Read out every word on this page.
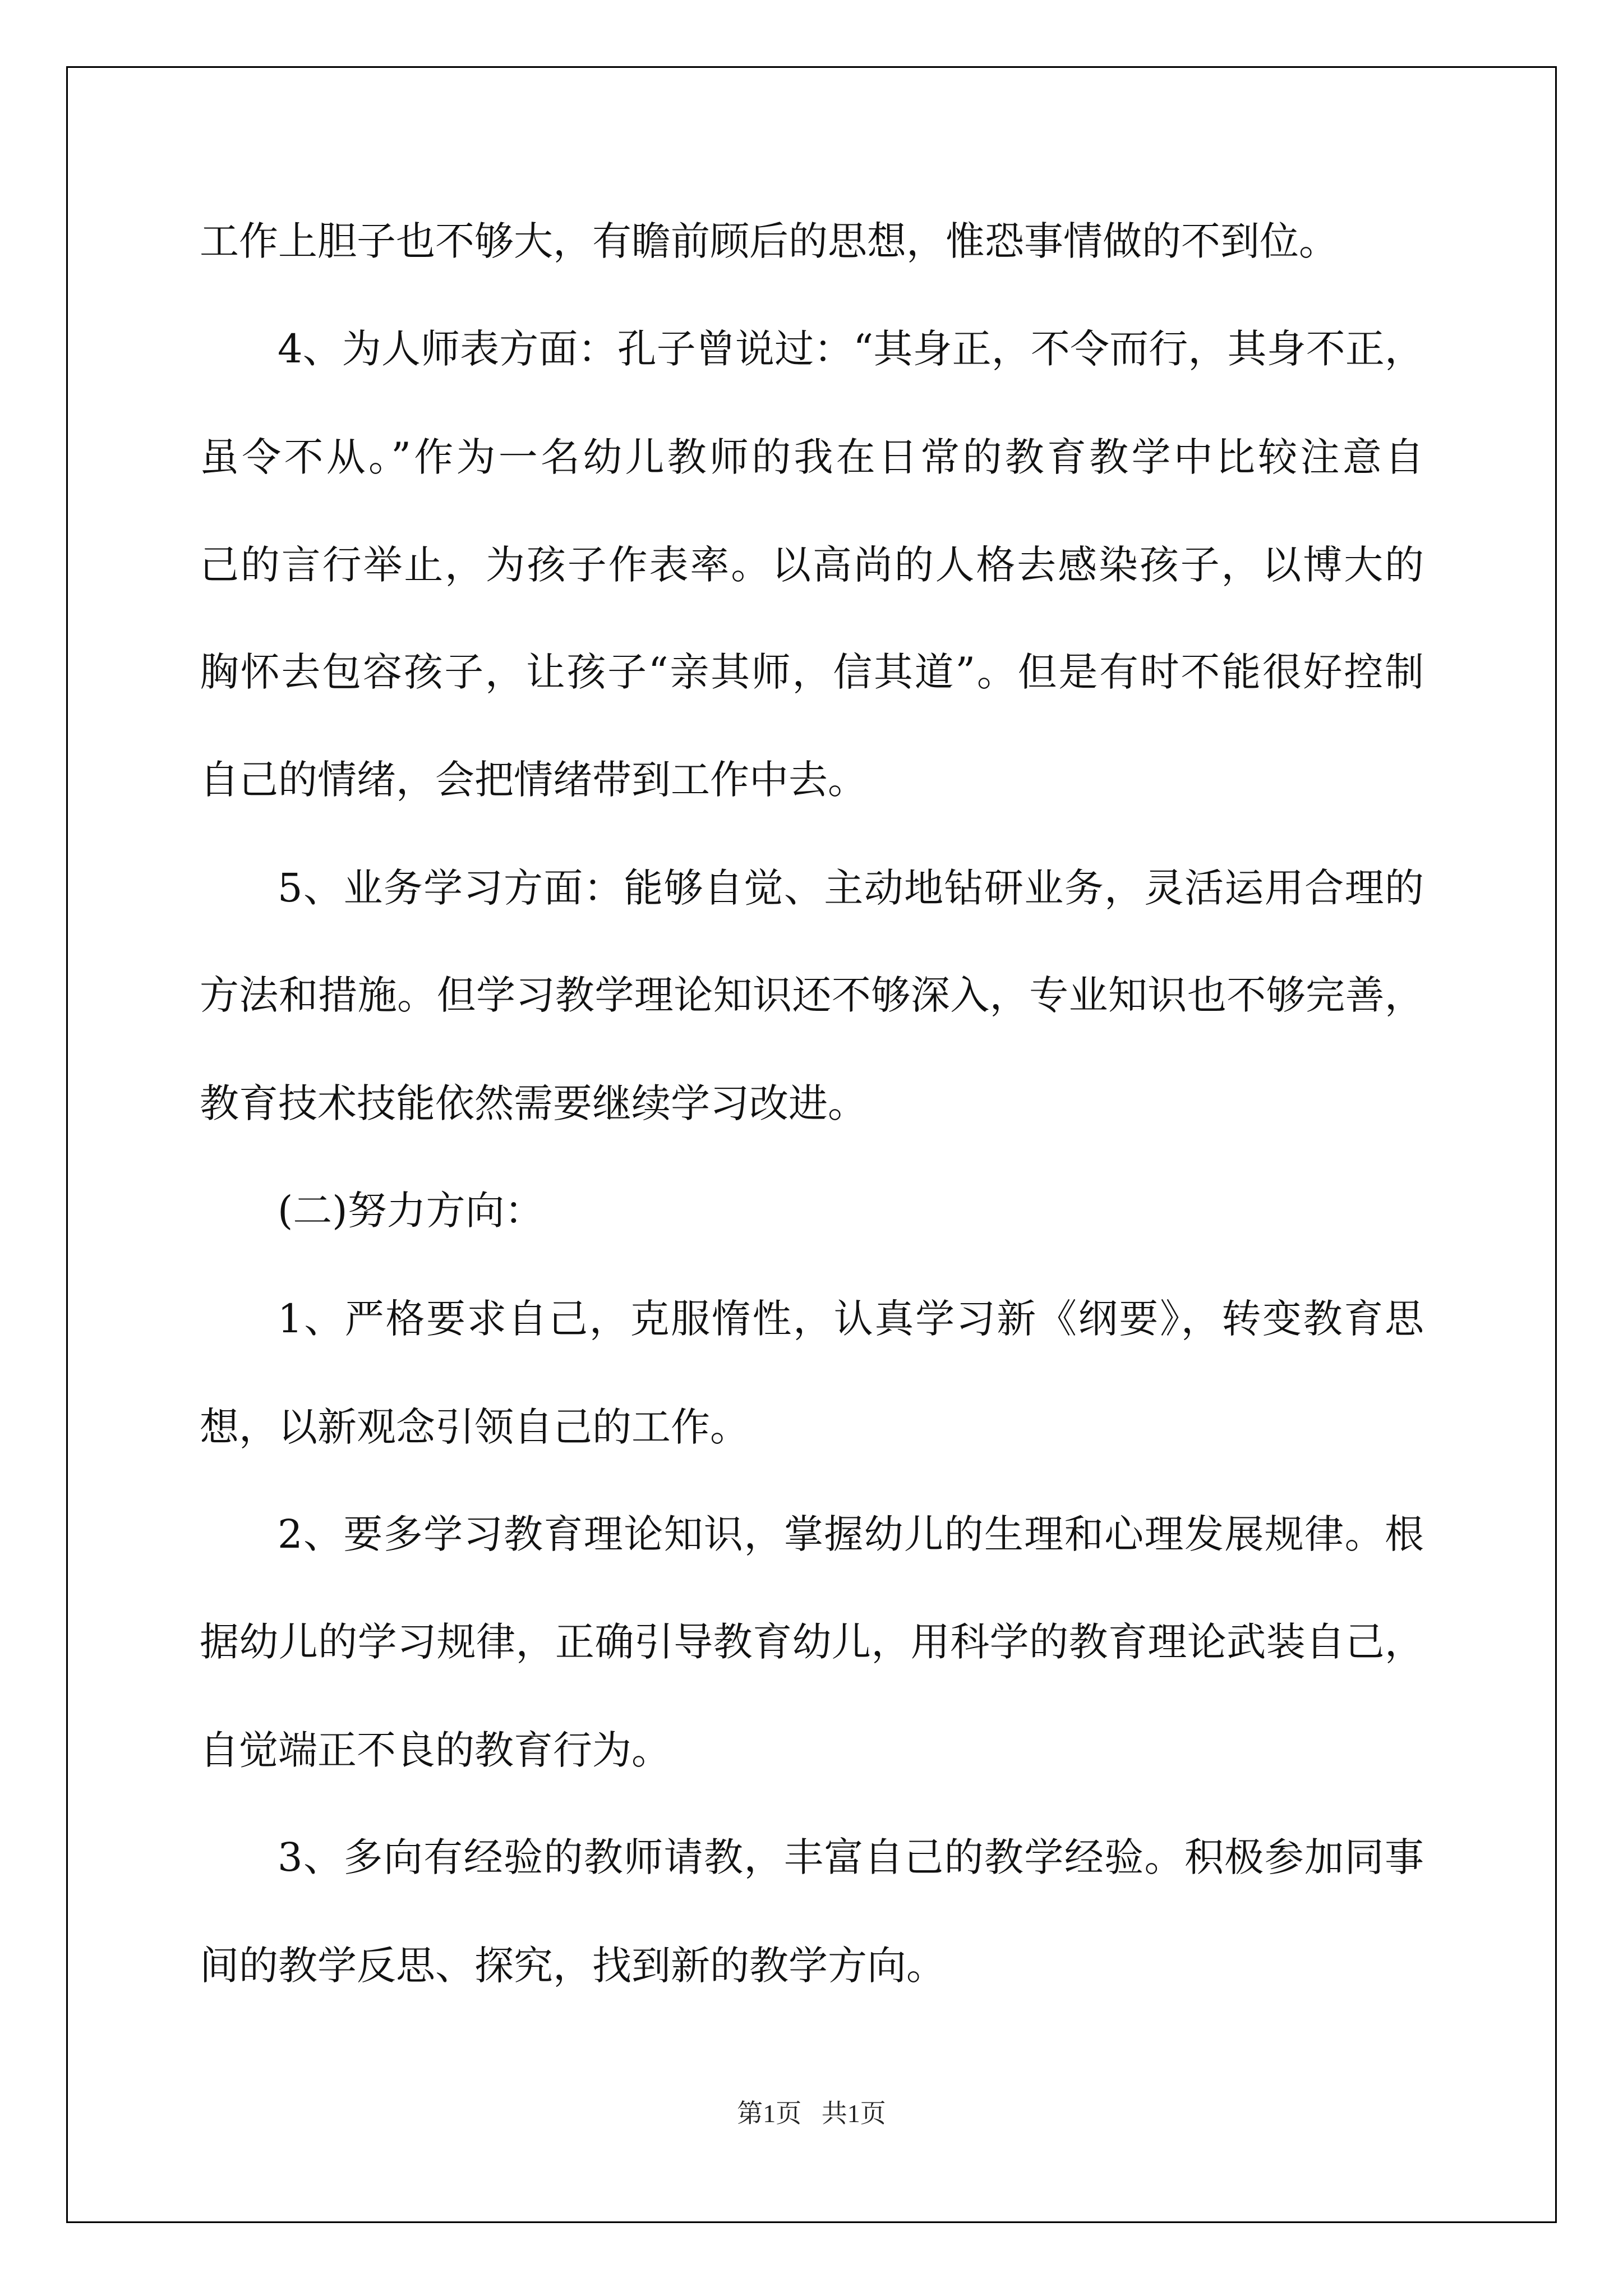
工作上胆子也不够大，有瞻前顾后的思想，惟恐事情做的不到位。

4、为人师表方面：孔子曾说过：“其身正，不令而行，其身不正，

虽令不从。”作为一名幼儿教师的我在日常的教育教学中比较注意自

己的言行举止，为孩子作表率。以高尚的人格去感染孩子，以博大的

胸怀去包容孩子，让孩子“亲其师，信其道”。但是有时不能很好控制

自己的情绪，会把情绪带到工作中去。

5、业务学习方面：能够自觉、主动地钻研业务，灵活运用合理的

方法和措施。但学习教学理论知识还不够深入，专业知识也不够完善，

教育技术技能依然需要继续学习改进。

(二)努力方向：

1、严格要求自己，克服惰性，认真学习新《纲要》，转变教育思

想，以新观念引领自己的工作。

2、要多学习教育理论知识，掌握幼儿的生理和心理发展规律。根

据幼儿的学习规律，正确引导教育幼儿，用科学的教育理论武装自己，

自觉端正不良的教育行为。

3、多向有经验的教师请教，丰富自己的教学经验。积极参加同事

间的教学反思、探究，找到新的教学方向。

第1页 共1页
